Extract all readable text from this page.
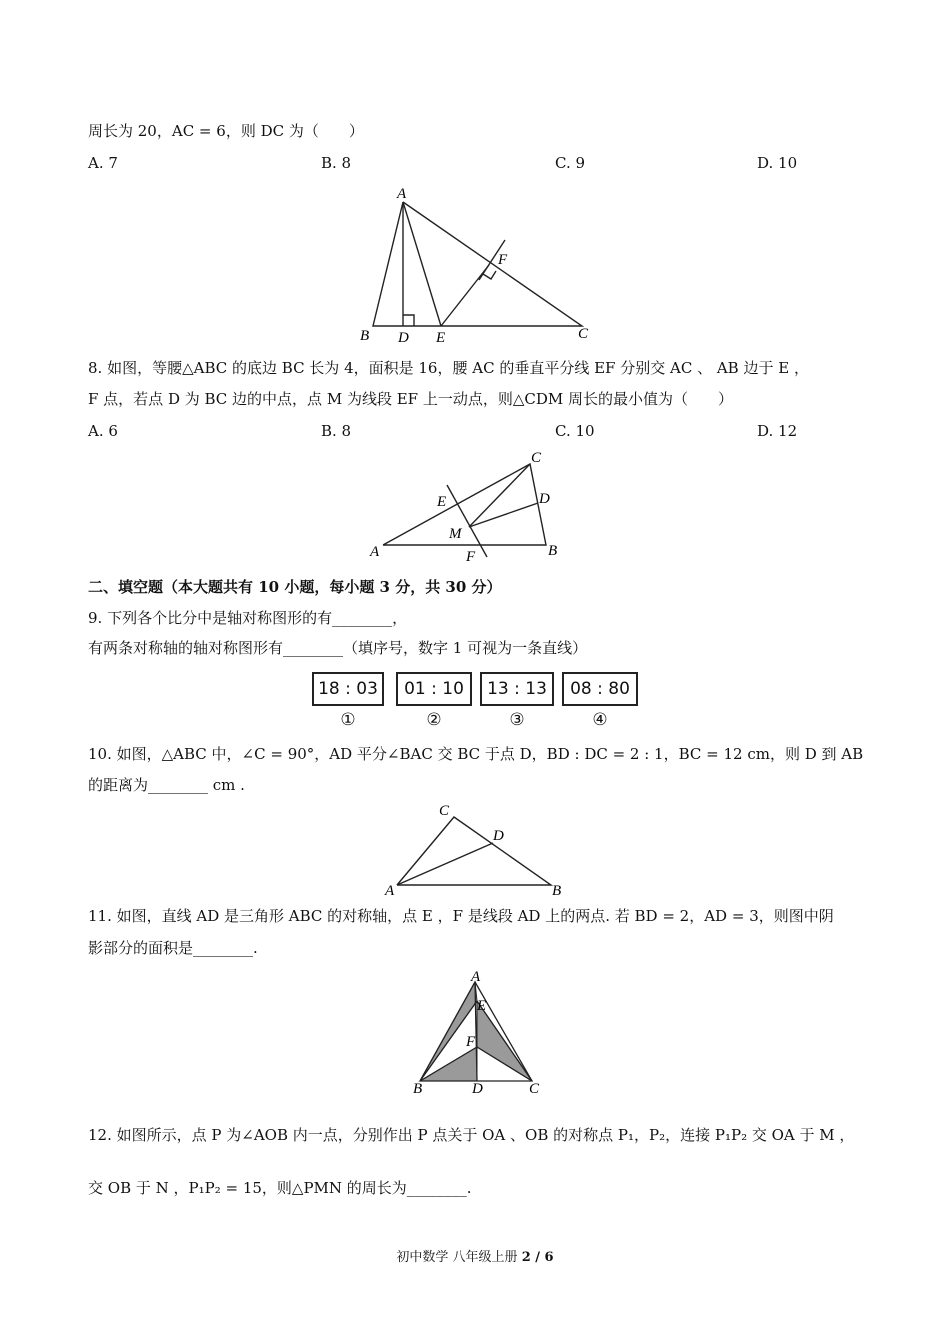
周长为 20，AC = 6，则 DC 为（　　）
A. 7	B. 8	C. 9	D. 10
A
B D E	C
F
8. 如图，等腰△ABC 的底边 BC 长为 4，面积是 16，腰 AC 的垂直平分线 EF 分别交 AC 、 AB 边于 E ，
F 点，若点 D 为 BC 边的中点，点 M 为线段 EF 上一动点，则△CDM 周长的最小值为（　　）
A. 6	B. 8	C. 10	D. 12
C
E	D
M
A	F	B
二、填空题（本大题共有 10 小题，每小题 3 分，共 30 分）
9. 下列各个比分中是轴对称图形的有________，
有两条对称轴的轴对称图形有________（填序号，数字 1 可视为一条直线）
18 : 03	01 : 10	13 : 13	08 : 80
①	②	③	④
10. 如图，△ABC 中，∠C = 90°，AD 平分∠BAC 交 BC 于点 D，BD : DC = 2 : 1，BC = 12 cm，则 D 到 AB
的距离为________ cm .
C
D
A	B
11. 如图，直线 AD 是三角形 ABC 的对称轴，点 E ，F 是线段 AD 上的两点. 若 BD = 2，AD = 3，则图中阴
影部分的面积是________.
A
E
F
B	D	C
12. 如图所示，点 P 为∠AOB 内一点，分别作出 P 点关于 OA 、OB 的对称点 P₁，P₂，连接 P₁P₂ 交 OA 于 M ，
交 OB 于 N ，P₁P₂ = 15，则△PMN 的周长为________.
初中数学 八年级上册 2 / 6
